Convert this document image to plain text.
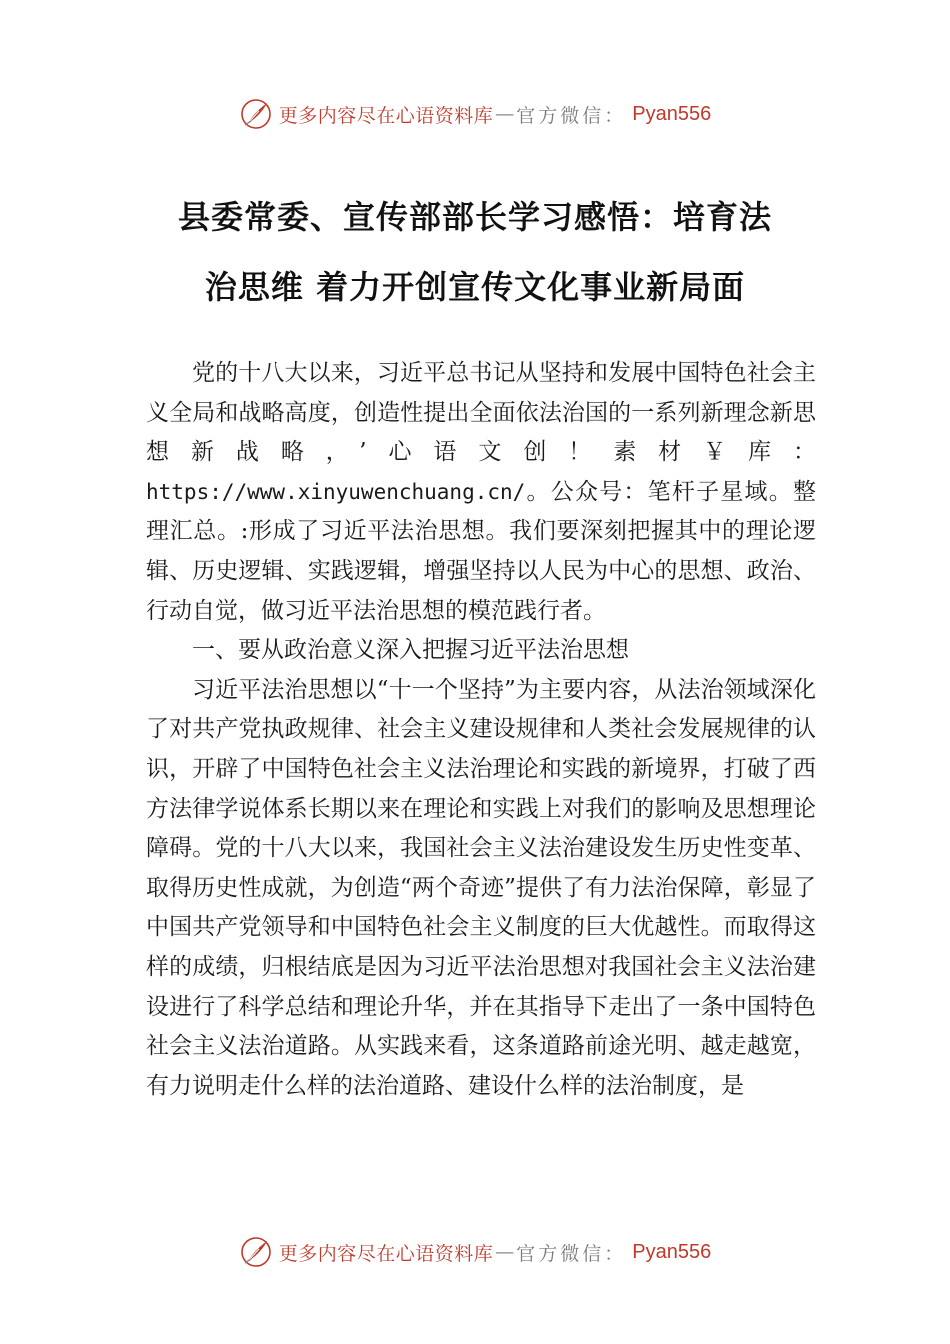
更多内容尽在心语资料库 — 官方微信： Pyan556
县委常委、宣传部部长学习感悟：培育法
治思维 着力开创宣传文化事业新局面

党的十八大以来，习近平总书记从坚持和发展中国特色社会主义全局和战略高度，创造性提出全面依法治国的一系列新理念新思想新战略，’心语文创！素材￥库：https://www.xinyuwenchuang.cn/。公众号：笔杆子星域。整理汇总。:形成了习近平法治思想。我们要深刻把握其中的理论逻辑、历史逻辑、实践逻辑，增强坚持以人民为中心的思想、政治、行动自觉，做习近平法治思想的模范践行者。

一、要从政治意义深入把握习近平法治思想

习近平法治思想以“十一个坚持”为主要内容，从法治领域深化了对共产党执政规律、社会主义建设规律和人类社会发展规律的认识，开辟了中国特色社会主义法治理论和实践的新境界，打破了西方法律学说体系长期以来在理论和实践上对我们的影响及思想理论障碍。党的十八大以来，我国社会主义法治建设发生历史性变革、取得历史性成就，为创造“两个奇迹”提供了有力法治保障，彰显了中国共产党领导和中国特色社会主义制度的巨大优越性。而取得这样的成绩，归根结底是因为习近平法治思想对我国社会主义法治建设进行了科学总结和理论升华，并在其指导下走出了一条中国特色社会主义法治道路。从实践来看，这条道路前途光明、越走越宽，有力说明走什么样的法治道路、建设什么样的法治制度，是

更多内容尽在心语资料库 — 官方微信： Pyan556
